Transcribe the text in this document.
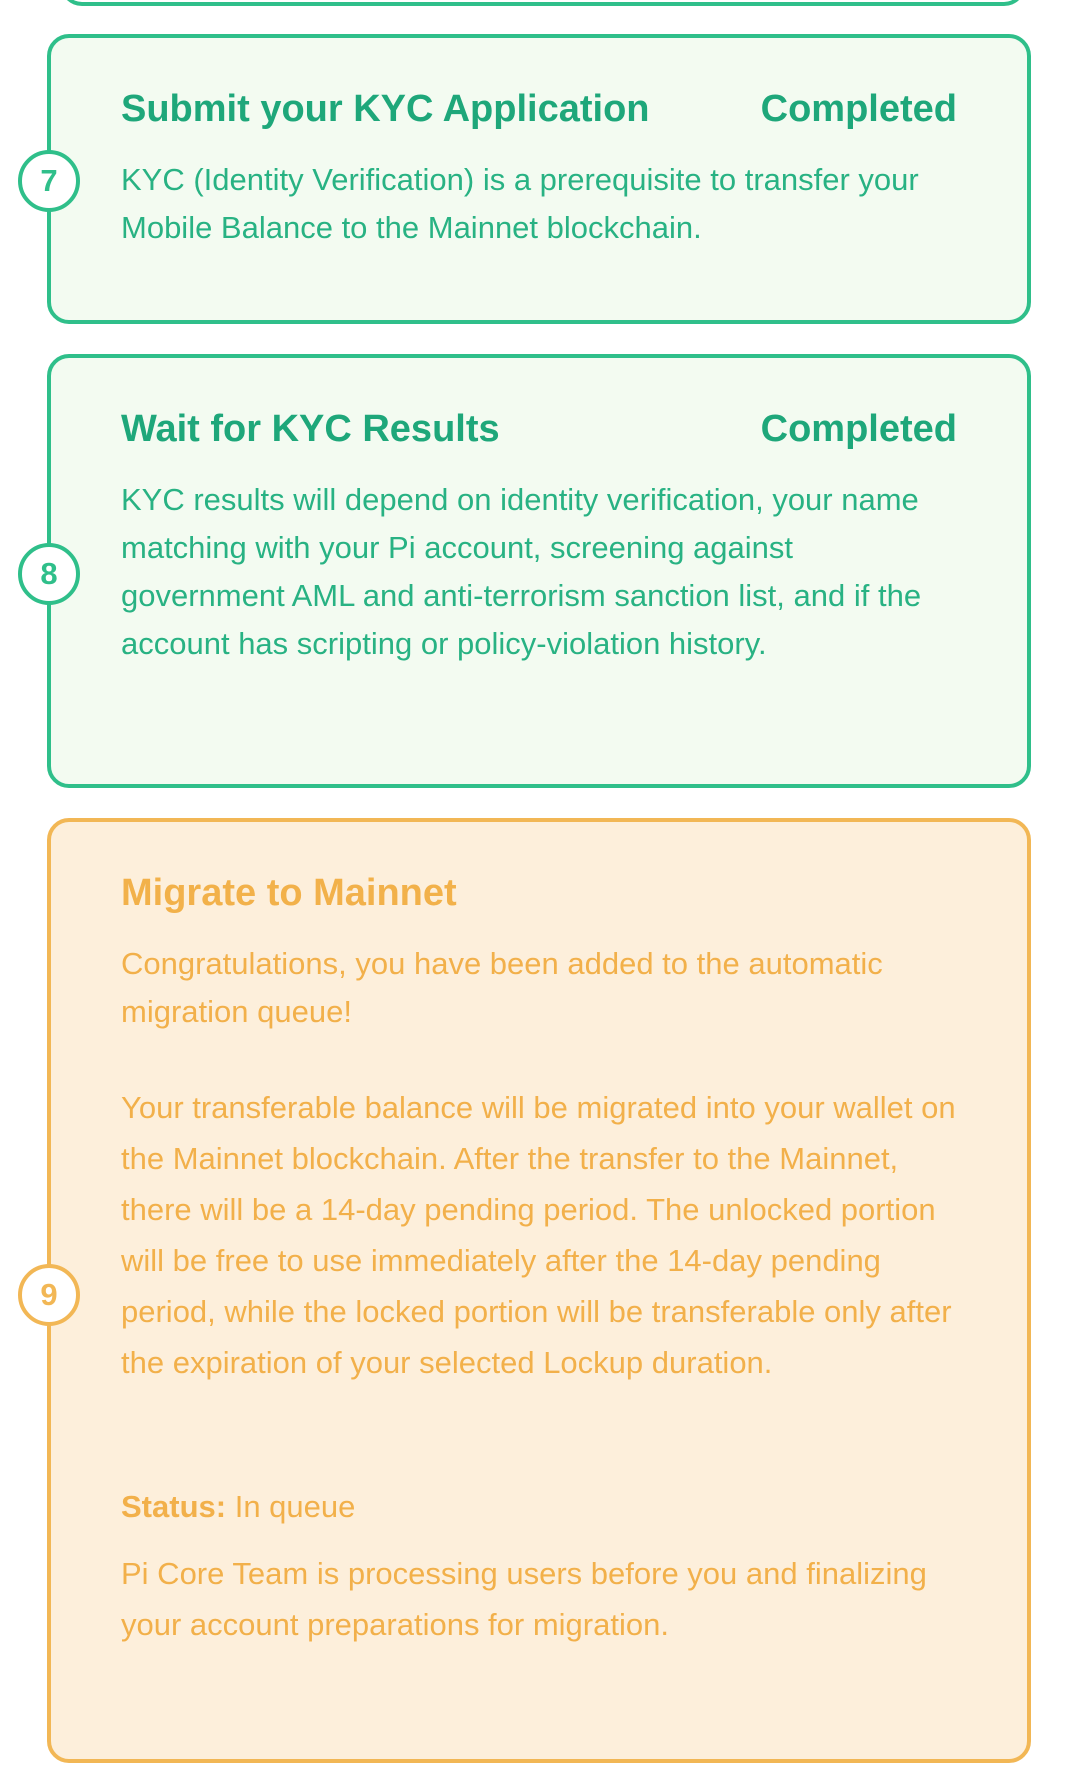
7
Submit your KYC Application	Completed
KYC (Identity Verification) is a prerequisite to transfer your Mobile Balance to the Mainnet blockchain.
8
Wait for KYC Results	Completed
KYC results will depend on identity verification, your name matching with your Pi account, screening against government AML and anti-terrorism sanction list, and if the account has scripting or policy-violation history.
9
Migrate to Mainnet
Congratulations, you have been added to the automatic migration queue!
Your transferable balance will be migrated into your wallet on the Mainnet blockchain. After the transfer to the Mainnet, there will be a 14-day pending period. The unlocked portion will be free to use immediately after the 14-day pending period, while the locked portion will be transferable only after the expiration of your selected Lockup duration.
Status: In queue
Pi Core Team is processing users before you and finalizing your account preparations for migration.
